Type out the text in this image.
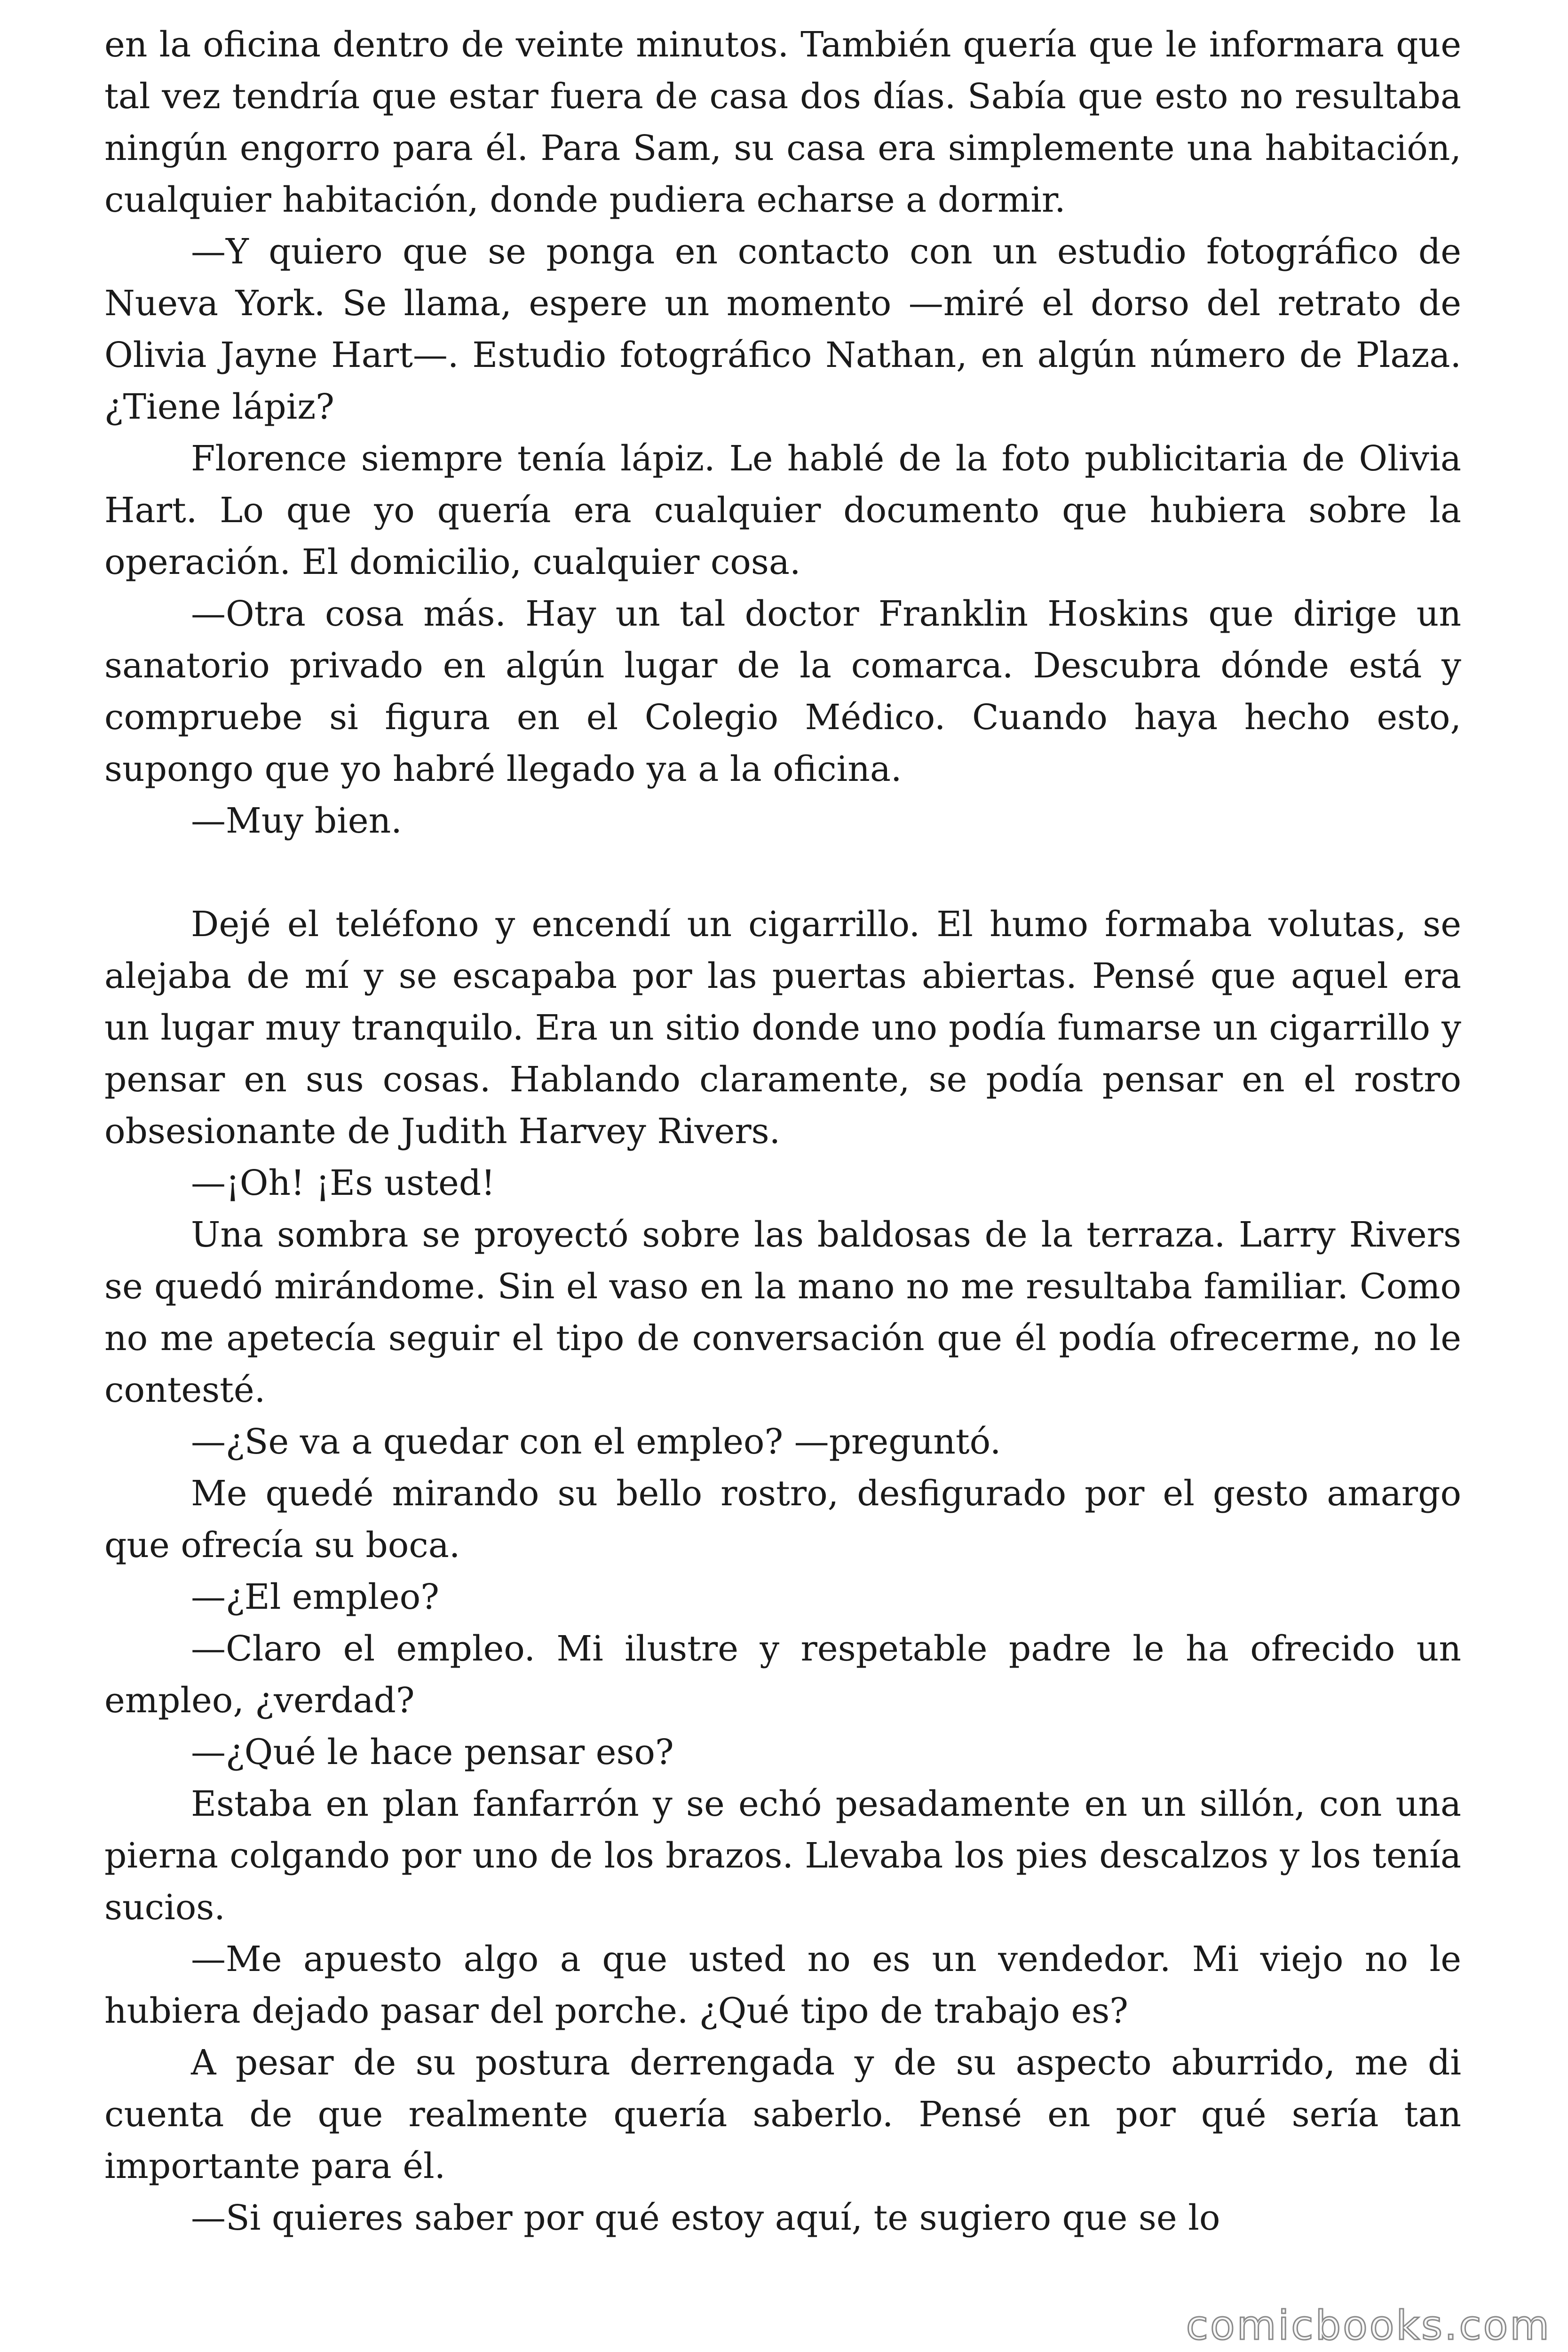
en la oficina dentro de veinte minutos. También quería que le informara que tal vez tendría que estar fuera de casa dos días. Sabía que esto no resultaba ningún engorro para él. Para Sam, su casa era simplemente una habitación, cualquier habitación, donde pudiera echarse a dormir.

—Y quiero que se ponga en contacto con un estudio fotográfico de Nueva York. Se llama, espere un momento —miré el dorso del retrato de Olivia Jayne Hart—. Estudio fotográfico Nathan, en algún número de Plaza. ¿Tiene lápiz?

Florence siempre tenía lápiz. Le hablé de la foto publicitaria de Olivia Hart. Lo que yo quería era cualquier documento que hubiera sobre la operación. El domicilio, cualquier cosa.

—Otra cosa más. Hay un tal doctor Franklin Hoskins que dirige un sanatorio privado en algún lugar de la comarca. Descubra dónde está y compruebe si figura en el Colegio Médico. Cuando haya hecho esto, supongo que yo habré llegado ya a la oficina.

—Muy bien.

Dejé el teléfono y encendí un cigarrillo. El humo formaba volutas, se alejaba de mí y se escapaba por las puertas abiertas. Pensé que aquel era un lugar muy tranquilo. Era un sitio donde uno podía fumarse un cigarrillo y pensar en sus cosas. Hablando claramente, se podía pensar en el rostro obsesionante de Judith Harvey Rivers.

—¡Oh! ¡Es usted!

Una sombra se proyectó sobre las baldosas de la terraza. Larry Rivers se quedó mirándome. Sin el vaso en la mano no me resultaba familiar. Como no me apetecía seguir el tipo de conversación que él podía ofrecerme, no le contesté.

—¿Se va a quedar con el empleo? —preguntó.

Me quedé mirando su bello rostro, desfigurado por el gesto amargo que ofrecía su boca.

—¿El empleo?

—Claro el empleo. Mi ilustre y respetable padre le ha ofrecido un empleo, ¿verdad?

—¿Qué le hace pensar eso?

Estaba en plan fanfarrón y se echó pesadamente en un sillón, con una pierna colgando por uno de los brazos. Llevaba los pies descalzos y los tenía sucios.

—Me apuesto algo a que usted no es un vendedor. Mi viejo no le hubiera dejado pasar del porche. ¿Qué tipo de trabajo es?

A pesar de su postura derrengada y de su aspecto aburrido, me di cuenta de que realmente quería saberlo. Pensé en por qué sería tan importante para él.

—Si quieres saber por qué estoy aquí, te sugiero que se lo

comicbooks.com
